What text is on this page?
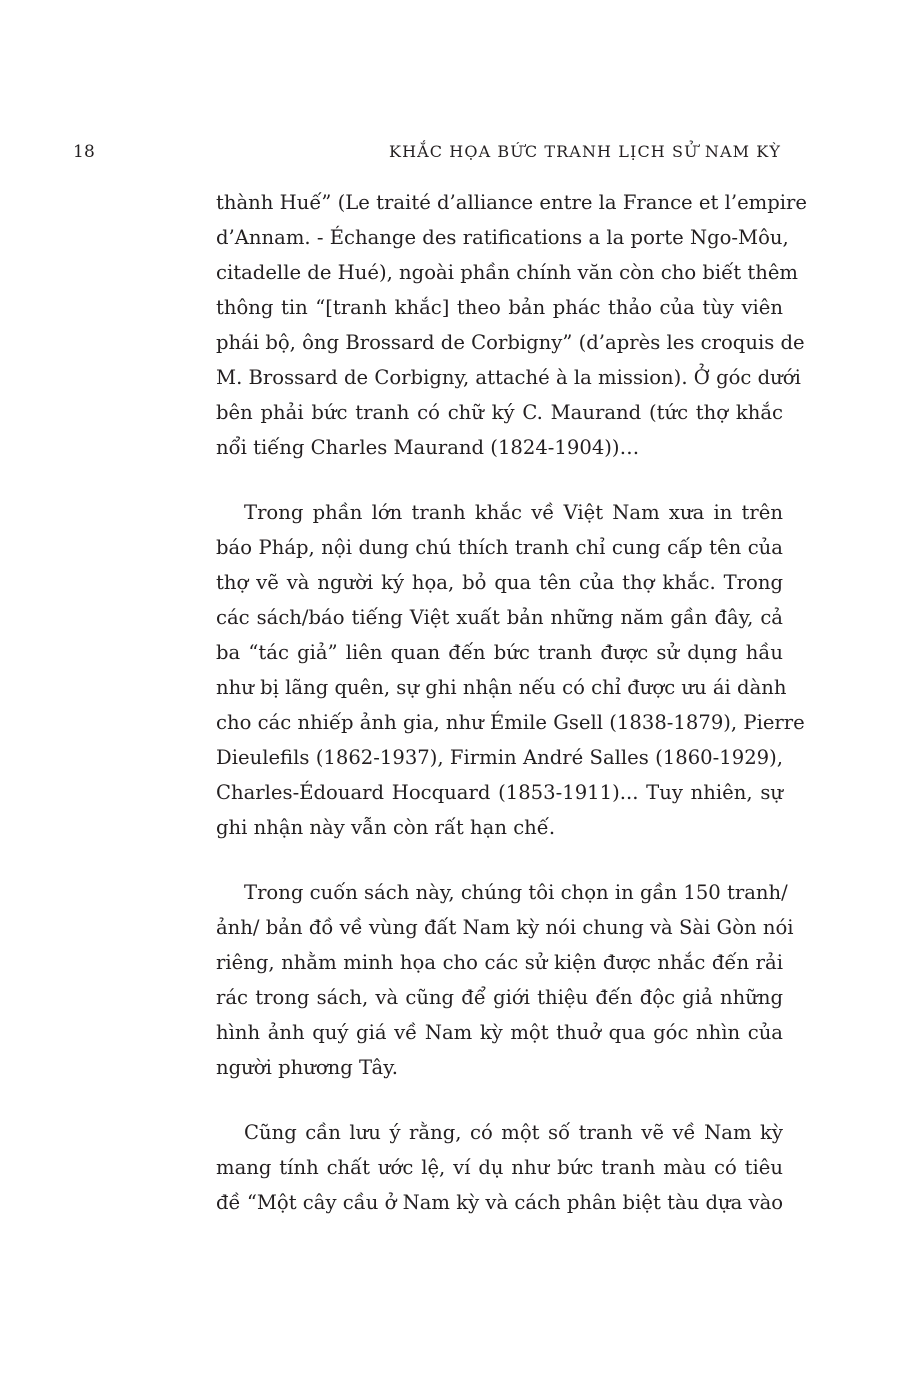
18	KHẮC HỌA BỨC TRANH LỊCH SỬ NAM KỲ
thành Huế” (Le traité d’alliance entre la France et l’empire
d’Annam. - Échange des ratifications a la porte Ngo-Môu,
citadelle de Hué), ngoài phần chính văn còn cho biết thêm
thông tin “[tranh khắc] theo bản phác thảo của tùy viên
phái bộ, ông Brossard de Corbigny” (d’après les croquis de
M. Brossard de Corbigny, attaché à la mission). Ở góc dưới
bên phải bức tranh có chữ ký C. Maurand (tức thợ khắc
nổi tiếng Charles Maurand (1824-1904))…
Trong phần lớn tranh khắc về Việt Nam xưa in trên
báo Pháp, nội dung chú thích tranh chỉ cung cấp tên của
thợ vẽ và người ký họa, bỏ qua tên của thợ khắc. Trong
các sách/báo tiếng Việt xuất bản những năm gần đây, cả
ba “tác giả” liên quan đến bức tranh được sử dụng hầu
như bị lãng quên, sự ghi nhận nếu có chỉ được ưu ái dành
cho các nhiếp ảnh gia, như Émile Gsell (1838-1879), Pierre
Dieulefils (1862-1937), Firmin André Salles (1860-1929),
Charles-Édouard Hocquard (1853-1911)... Tuy nhiên, sự
ghi nhận này vẫn còn rất hạn chế.
Trong cuốn sách này, chúng tôi chọn in gần 150 tranh/
ảnh/ bản đồ về vùng đất Nam kỳ nói chung và Sài Gòn nói
riêng, nhằm minh họa cho các sử kiện được nhắc đến rải
rác trong sách, và cũng để giới thiệu đến độc giả những
hình ảnh quý giá về Nam kỳ một thuở qua góc nhìn của
người phương Tây.
Cũng cần lưu ý rằng, có một số tranh vẽ về Nam kỳ
mang tính chất ước lệ, ví dụ như bức tranh màu có tiêu
đề “Một cây cầu ở Nam kỳ và cách phân biệt tàu dựa vào
